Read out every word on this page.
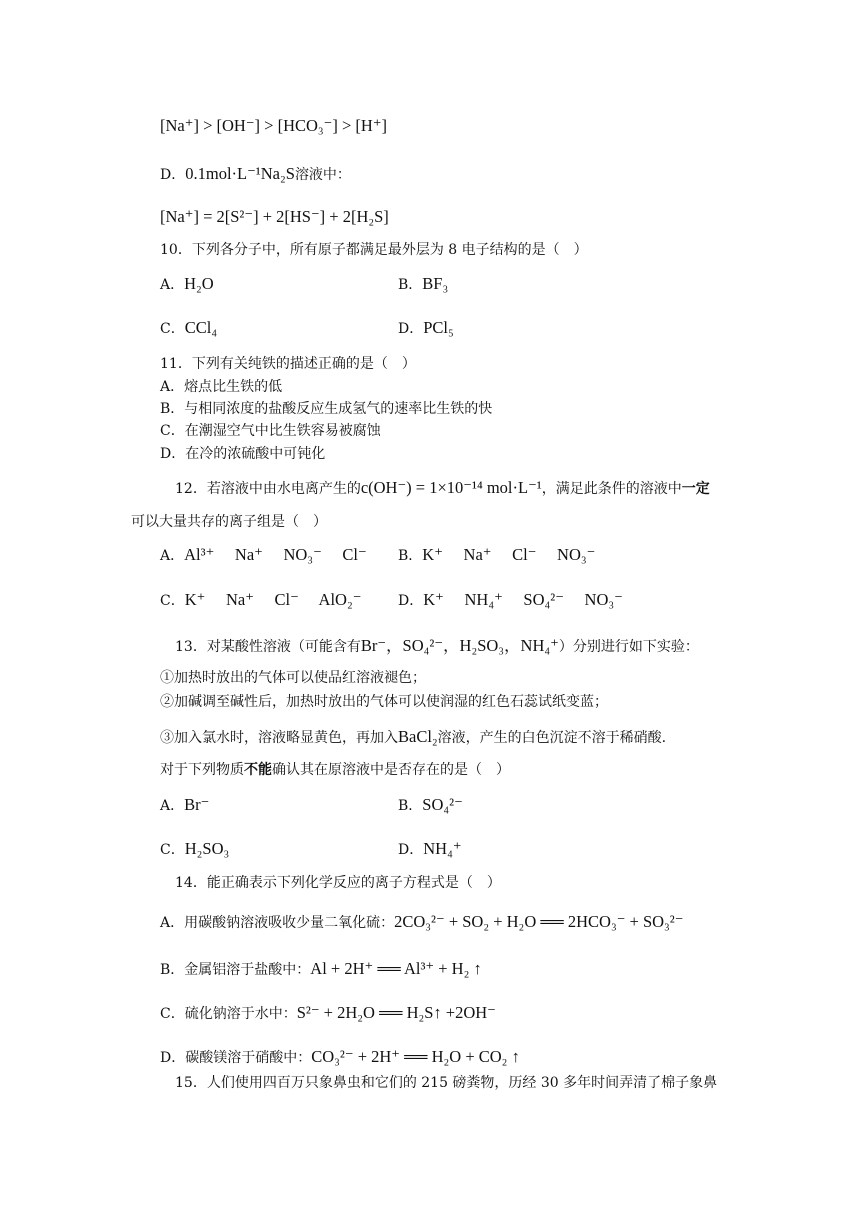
[Na⁺] > [OH⁻] > [HCO₃⁻] > [H⁺]
D．0.1mol·L⁻¹Na₂S溶液中：
[Na⁺] = 2[S²⁻] + 2[HS⁻] + 2[H₂S]
10．下列各分子中，所有原子都满足最外层为 8 电子结构的是（　）
A．H₂O	B．BF₃
C．CCl₄	D．PCl₅
11．下列有关纯铁的描述正确的是（　）
A．熔点比生铁的低
B．与相同浓度的盐酸反应生成氢气的速率比生铁的快
C．在潮湿空气中比生铁容易被腐蚀
D．在冷的浓硫酸中可钝化
12．若溶液中由水电离产生的c(OH⁻) = 1×10⁻¹⁴ mol·L⁻¹，满足此条件的溶液中一定
可以大量共存的离子组是（　）
A．Al³⁺　 Na⁺　 NO₃⁻　 Cl⁻ B．K⁺　 Na⁺　 Cl⁻　 NO₃⁻
C．K⁺　 Na⁺　 Cl⁻　 AlO₂⁻	D．K⁺　 NH₄⁺　 SO₄²⁻　 NO₃⁻
13．对某酸性溶液（可能含有Br⁻，SO₄²⁻，H₂SO₃，NH₄⁺）分别进行如下实验：
①加热时放出的气体可以使品红溶液褪色；
②加碱调至碱性后，加热时放出的气体可以使润湿的红色石蕊试纸变蓝；
③加入氯水时，溶液略显黄色，再加入BaCl₂溶液，产生的白色沉淀不溶于稀硝酸.
对于下列物质不能确认其在原溶液中是否存在的是（　）
A．Br⁻	B．SO₄²⁻
C．H₂SO₃	D．NH₄⁺
14．能正确表示下列化学反应的离子方程式是（　）
A．用碳酸钠溶液吸收少量二氧化硫：2CO₃²⁻ + SO₂ + H₂O ══ 2HCO₃⁻ + SO₃²⁻
B．金属铝溶于盐酸中：Al + 2H⁺ ══ Al³⁺ + H₂ ↑
C．硫化钠溶于水中：S²⁻ + 2H₂O ══ H₂S↑ +2OH⁻
D．碳酸镁溶于硝酸中：CO₃²⁻ + 2H⁺ ══ H₂O + CO₂ ↑
15．人们使用四百万只象鼻虫和它们的 215 磅粪物，历经 30 多年时间弄清了棉子象鼻
